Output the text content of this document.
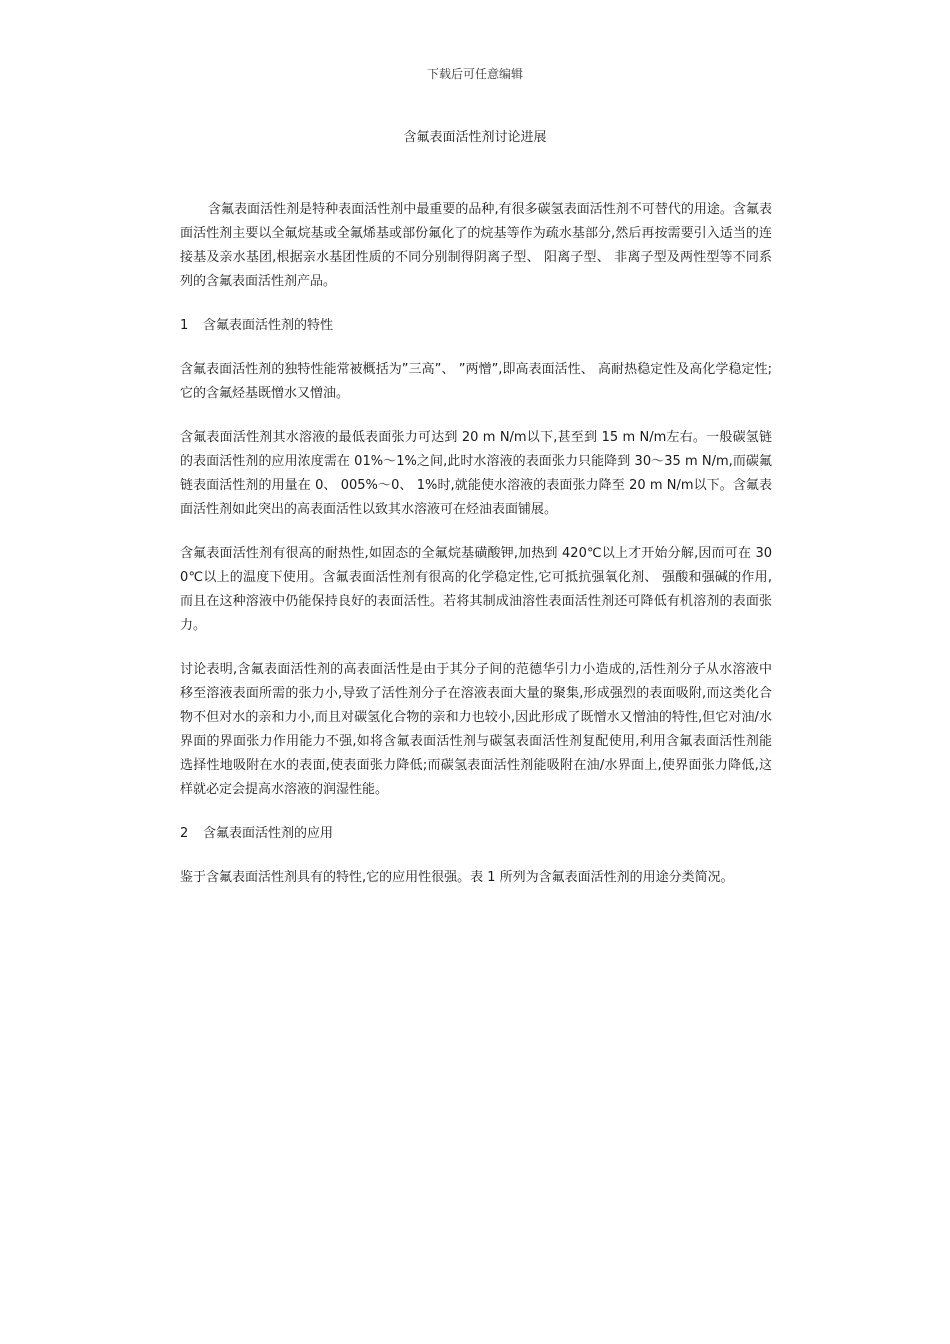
下载后可任意编辑
含氟表面活性剂讨论进展

含氟表面活性剂是特种表面活性剂中最重要的品种,有很多碳氢表面活性剂不可替代的用途。含氟表面活性剂主要以全氟烷基或全氟烯基或部份氟化了的烷基等作为疏水基部分,然后再按需要引入适当的连接基及亲水基团,根据亲水基团性质的不同分别制得阴离子型、 阳离子型、 非离子型及两性型等不同系列的含氟表面活性剂产品。

1 含氟表面活性剂的特性

含氟表面活性剂的独特性能常被概括为”三高”、 ”两憎”,即高表面活性、 高耐热稳定性及高化学稳定性;它的含氟烃基既憎水又憎油。

含氟表面活性剂其水溶液的最低表面张力可达到 20 m N/m以下,甚至到 15 m N/m左右。一般碳氢链的表面活性剂的应用浓度需在 01%～1%之间,此时水溶液的表面张力只能降到 30～35 m N/m,而碳氟链表面活性剂的用量在 0、 005%～0、 1%时,就能使水溶液的表面张力降至 20 m N/m以下。含氟表面活性剂如此突出的高表面活性以致其水溶液可在烃油表面铺展。

含氟表面活性剂有很高的耐热性,如固态的全氟烷基磺酸钾,加热到 420℃以上才开始分解,因而可在 300℃以上的温度下使用。含氟表面活性剂有很高的化学稳定性,它可抵抗强氧化剂、 强酸和强碱的作用,而且在这种溶液中仍能保持良好的表面活性。若将其制成油溶性表面活性剂还可降低有机溶剂的表面张力。

讨论表明,含氟表面活性剂的高表面活性是由于其分子间的范德华引力小造成的,活性剂分子从水溶液中移至溶液表面所需的张力小,导致了活性剂分子在溶液表面大量的聚集,形成强烈的表面吸附,而这类化合物不但对水的亲和力小,而且对碳氢化合物的亲和力也较小,因此形成了既憎水又憎油的特性,但它对油/水界面的界面张力作用能力不强,如将含氟表面活性剂与碳氢表面活性剂复配使用,利用含氟表面活性剂能选择性地吸附在水的表面,使表面张力降低;而碳氢表面活性剂能吸附在油/水界面上,使界面张力降低,这样就必定会提高水溶液的润湿性能。

2 含氟表面活性剂的应用

鉴于含氟表面活性剂具有的特性,它的应用性很强。表 1 所列为含氟表面活性剂的用途分类简况。
